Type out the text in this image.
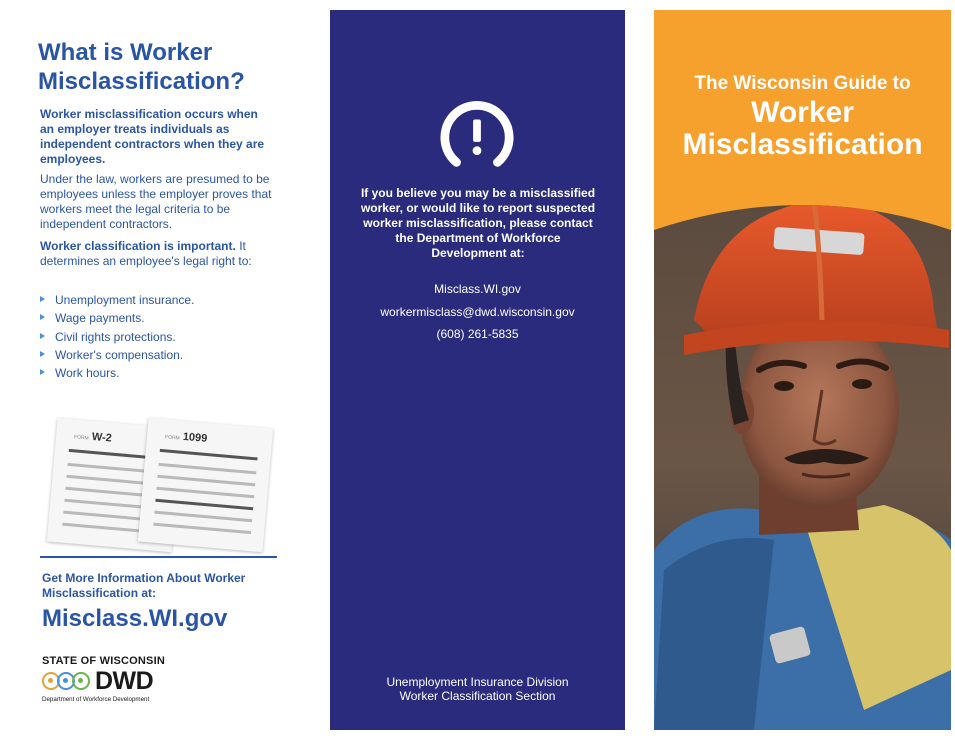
What is Worker Misclassification?
Worker misclassification occurs when an employer treats individuals as independent contractors when they are employees.
Under the law, workers are presumed to be employees unless the employer proves that workers meet the legal criteria to be independent contractors.
Worker classification is important. It determines an employee's legal right to:
Unemployment insurance.
Wage payments.
Civil rights protections.
Worker's compensation.
Work hours.
FORM W-2	FORM 1099
Get More Information About Worker Misclassification at:
Misclass.WI.gov
STATE OF WISCONSIN
DWD
Department of Workforce Development
If you believe you may be a misclassified worker, or would like to report suspected worker misclassification, please contact the Department of Workforce Development at:
Misclass.WI.gov
workermisclass@dwd.wisconsin.gov
(608) 261-5835
Unemployment Insurance Division
Worker Classification Section
The Wisconsin Guide to
Worker
Misclassification
